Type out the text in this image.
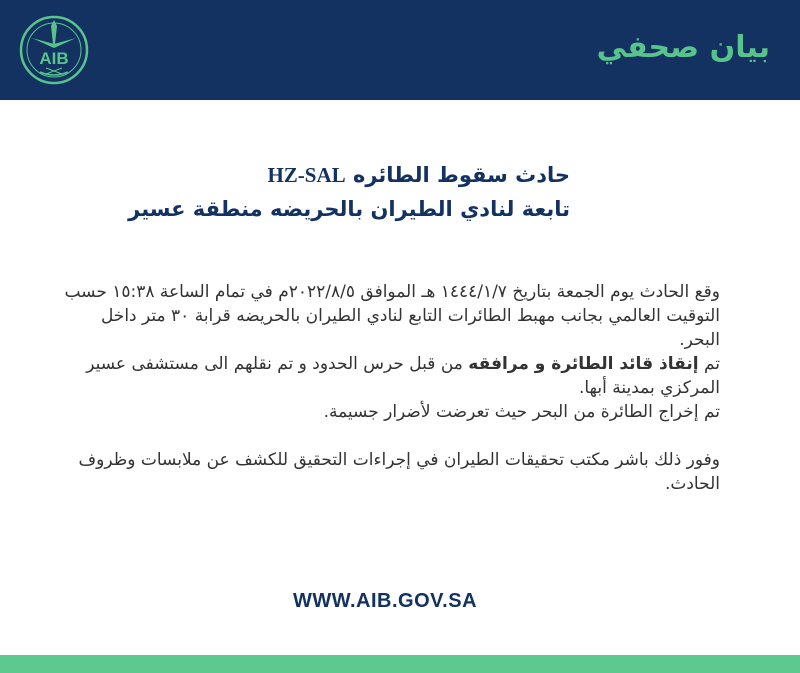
AIB	بيان صحفي
حادث سقوط الطائره HZ-SAL
تابعة لنادي الطيران بالحريضه منطقة عسير

وقع الحادث يوم الجمعة بتاريخ ١٤٤٤/١/٧ هـ الموافق ٢٠٢٢/٨/٥م في تمام الساعة ١٥:٣٨ حسب التوقيت العالمي بجانب مهبط الطائرات التابع لنادي الطيران بالحريضه قرابة ٣٠ متر داخل البحر.

تم إنقاذ قائد الطائرة و مرافقه من قبل حرس الحدود و تم نقلهم الى مستشفى عسير المركزي بمدينة أبها.

تم إخراج الطائرة من البحر حيث تعرضت لأضرار جسيمة.

وفور ذلك باشر مكتب تحقيقات الطيران في إجراءات التحقيق للكشف عن ملابسات وظروف الحادث.

WWW.AIB.GOV.SA
